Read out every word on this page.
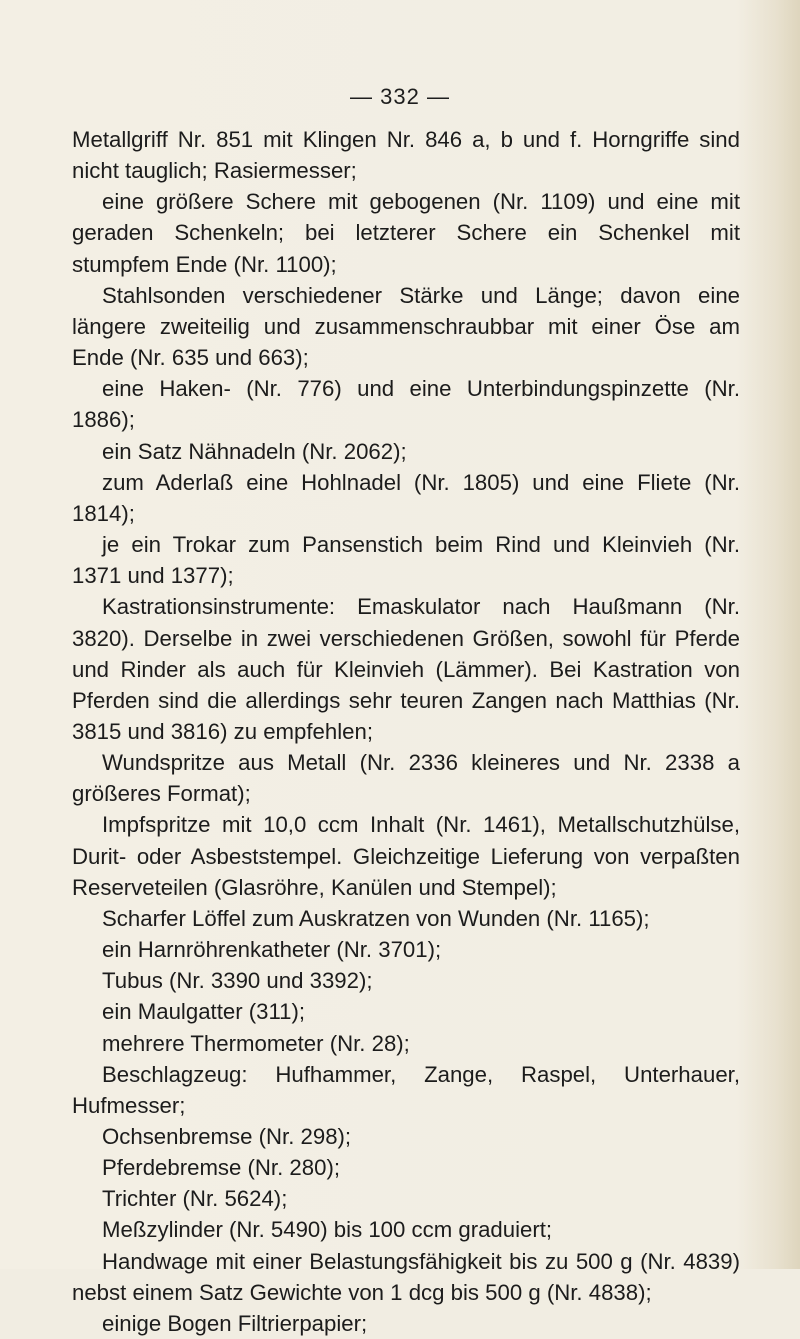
— 332 —

Metallgriff Nr. 851 mit Klingen Nr. 846 a, b und f. Horngriffe sind nicht tauglich; Rasiermesser;

eine größere Schere mit gebogenen (Nr. 1109) und eine mit geraden Schenkeln; bei letzterer Schere ein Schenkel mit stumpfem Ende (Nr. 1100);

Stahlsonden verschiedener Stärke und Länge; davon eine längere zweiteilig und zusammenschraubbar mit einer Öse am Ende (Nr. 635 und 663);

eine Haken- (Nr. 776) und eine Unterbindungspinzette (Nr. 1886);

ein Satz Nähnadeln (Nr. 2062);

zum Aderlaß eine Hohlnadel (Nr. 1805) und eine Fliete (Nr. 1814);

je ein Trokar zum Pansenstich beim Rind und Kleinvieh (Nr. 1371 und 1377);

Kastrationsinstrumente: Emaskulator nach Haußmann (Nr. 3820). Derselbe in zwei verschiedenen Größen, sowohl für Pferde und Rinder als auch für Kleinvieh (Lämmer). Bei Kastration von Pferden sind die allerdings sehr teuren Zangen nach Matthias (Nr. 3815 und 3816) zu empfehlen;

Wundspritze aus Metall (Nr. 2336 kleineres und Nr. 2338 a größeres Format);

Impfspritze mit 10,0 ccm Inhalt (Nr. 1461), Metallschutzhülse, Durit- oder Asbeststempel. Gleichzeitige Lieferung von verpaßten Reserveteilen (Glasröhre, Kanülen und Stempel);

Scharfer Löffel zum Auskratzen von Wunden (Nr. 1165);

ein Harnröhrenkatheter (Nr. 3701);

Tubus (Nr. 3390 und 3392);

ein Maulgatter (311);

mehrere Thermometer (Nr. 28);

Beschlagzeug: Hufhammer, Zange, Raspel, Unterhauer, Hufmesser;

Ochsenbremse (Nr. 298);

Pferdebremse (Nr. 280);

Trichter (Nr. 5624);

Meßzylinder (Nr. 5490) bis 100 ccm graduiert;

Handwage mit einer Belastungsfähigkeit bis zu 500 g (Nr. 4839) nebst einem Satz Gewichte von 1 dcg bis 500 g (Nr. 4838);

einige Bogen Filtrierpapier;
